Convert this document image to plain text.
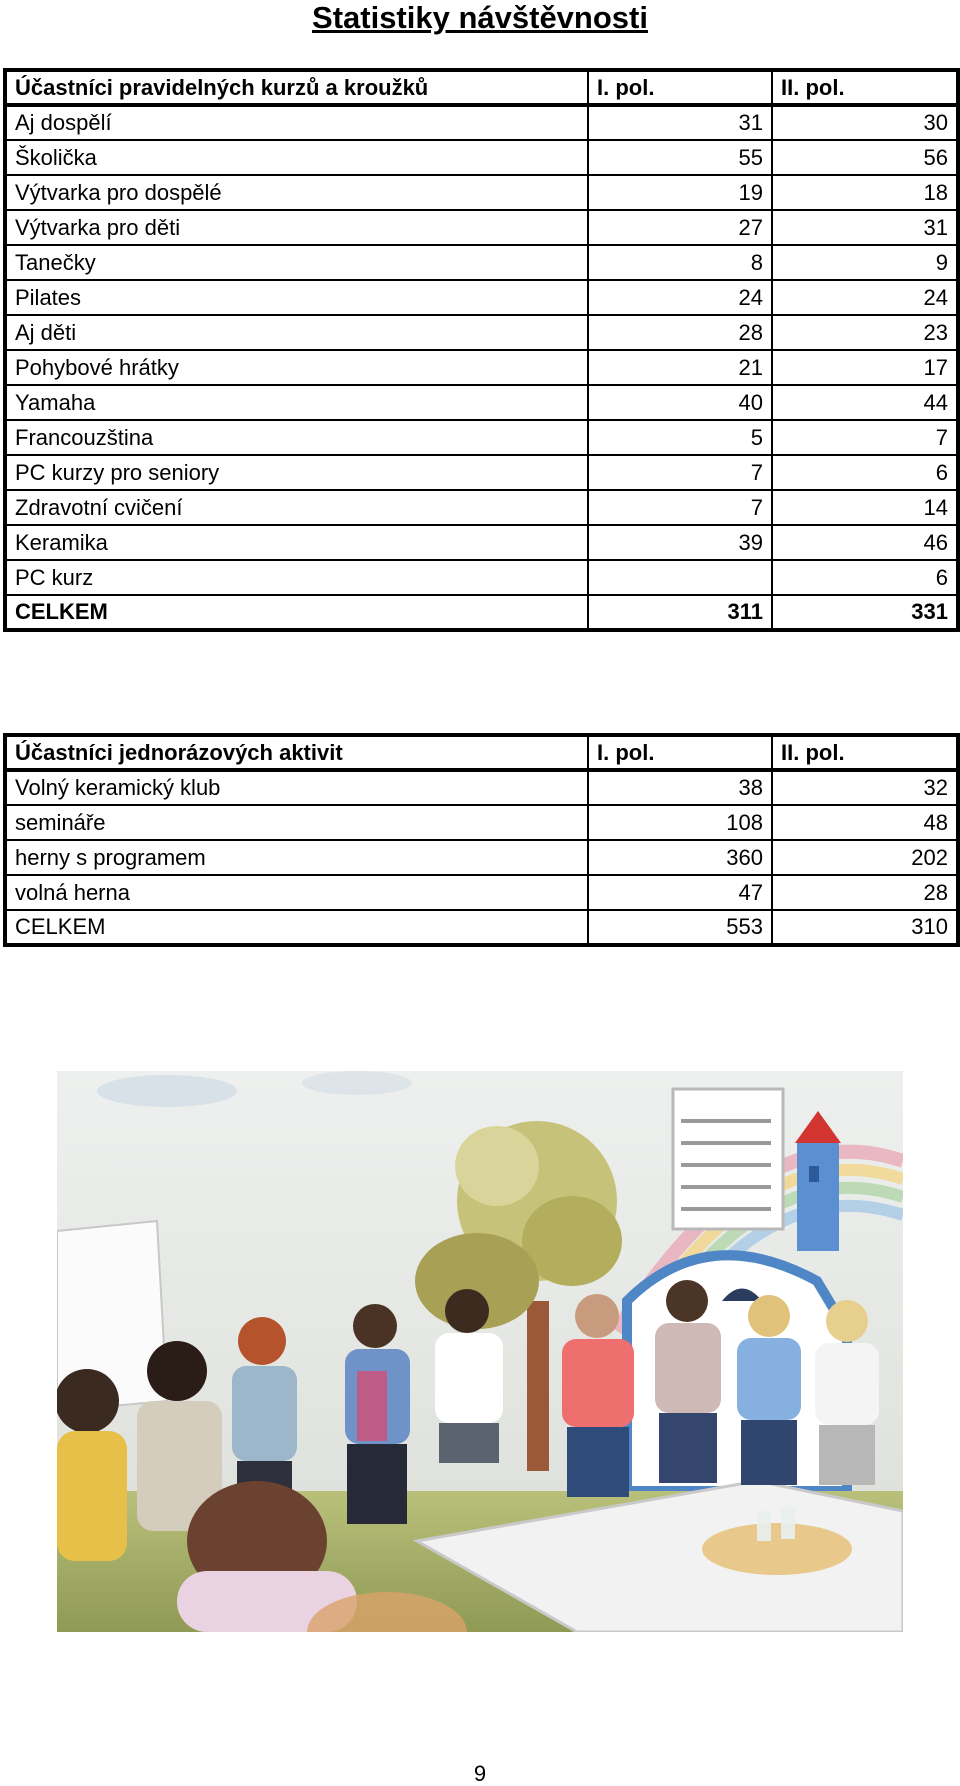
Statistiky návštěvnosti
Účastníci pravidelných kurzů a kroužků	I. pol.	II. pol.
Aj dospělí	31	30
Školička	55	56
Výtvarka pro dospělé	19	18
Výtvarka pro děti	27	31
Tanečky	8	9
Pilates	24	24
Aj děti	28	23
Pohybové hrátky	21	17
Yamaha	40	44
Francouzština	5	7
PC kurzy pro seniory	7	6
Zdravotní cvičení	7	14
Keramika	39	46
PC kurz		6
CELKEM	311	331
Účastníci jednorázových aktivit	I. pol.	II. pol.
Volný keramický klub	38	32
semináře	108	48
herny s programem	360	202
volná herna	47	28
CELKEM	553	310
9
